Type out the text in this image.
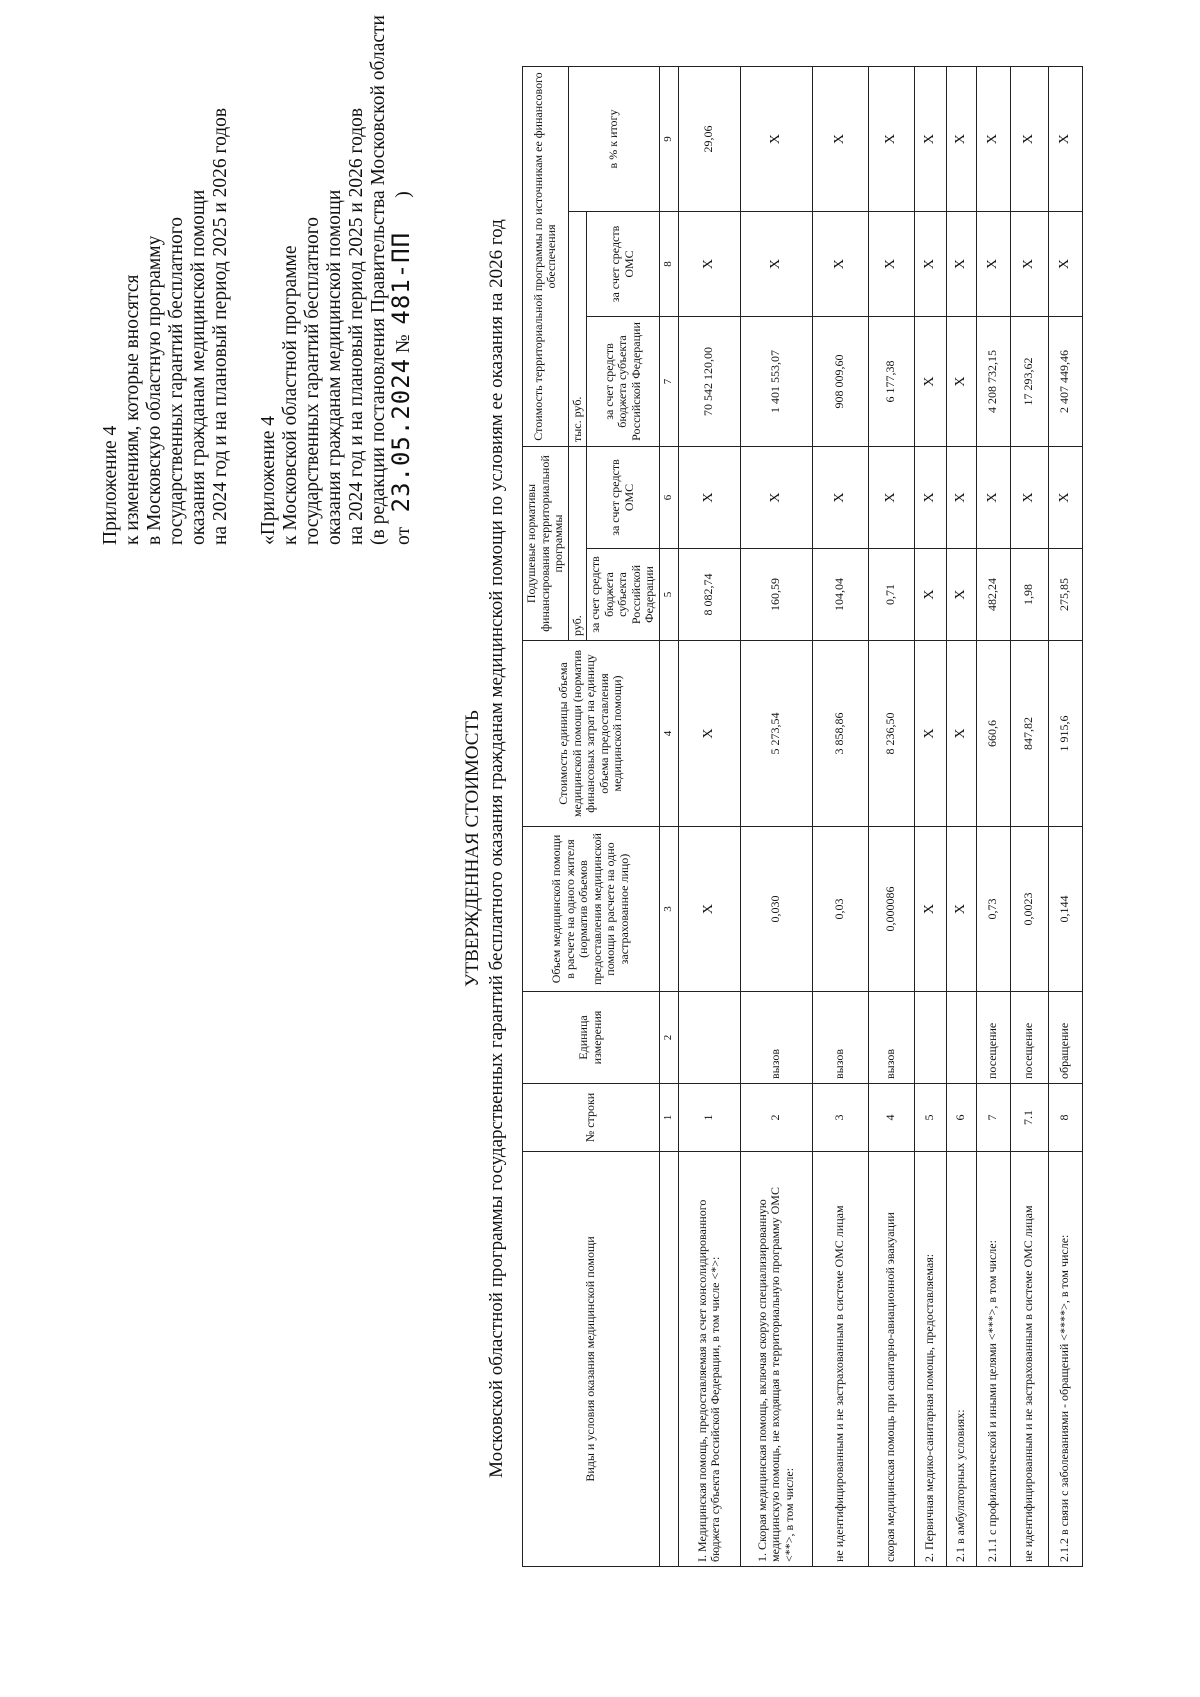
Приложение 4 к изменениям, которые вносятся в Московскую областную программу государственных гарантий бесплатного оказания гражданам медицинской помощи на 2024 год и на плановый период 2025 и 2026 годов «Приложение 4 к Московской областной программе государственных гарантий бесплатного оказания гражданам медицинской помощи на 2024 год и на плановый период 2025 и 2026 годов (в редакции постановления Правительства Московской области от   23.05.2024 №  481-ПП       )
УТВЕРЖДЕННАЯ СТОИМОСТЬ Московской областной программы государственных гарантий бесплатного оказания гражданам медицинской помощи по условиям ее оказания на 2026 год	Виды и условия оказания медицинской помощи	№ строки	Единица измерения	Объем медицинской помощи в расчете на одного жителя (норматив объемов предоставления медицинской помощи в расчете на одно застрахованное лицо)	Стоимость единицы объема медицинской помощи (норматив финансовых затрат на единицу объема предоставления медицинской помощи)	Подушевые нормативы финансирования территориальной программы		Стоимость территориальной программы по источникам ее финансового обеспечения		
					руб.		тыс. руб.		в % к итогу
					за счет средств бюджета субъекта Российской Федерации	за счет средств ОМС	за счет средств бюджета субъекта Российской Федерации	за счет средств ОМС	
	1	2	3	4	5	6	7	8	9
I. Медицинская помощь, предоставляемая за счет консолидированного бюджета субъекта Российской Федерации, в том числе <*>:	1		X	X	8 082,74	X	70 542 120,00	X	29,06
1. Скорая медицинская помощь, включая скорую специализированную медицинскую помощь, не входящая в территориальную программу ОМС <**>, в том числе:	2	вызов	0,030	5 273,54	160,59	X	1 401 553,07	X	X
не идентифицированным и не застрахованным в системе ОМС лицам	3	вызов	0,03	3 858,86	104,04	X	908 009,60	X	X
скорая медицинская помощь при санитарно-авиационной эвакуации	4	вызов	0,000086	8 236,50	0,71	X	6 177,38	X	X
2. Первичная медико-санитарная помощь, предоставляемая:	5		X	X	X	X	X	X	X
2.1 в амбулаторных условиях:	6		X	X	X	X	X	X	X
2.1.1 с профилактической и иными целями <***>, в том числе:	7	посещение	0,73	660,6	482,24	X	4 208 732,15	X	X
не идентифицированным и не застрахованным в системе ОМС лицам	7.1	посещение	0,0023	847,82	1,98	X	17 293,62	X	X
2.1.2 в связи с заболеваниями - обращений <****>, в том числе:	8	обращение	0,144	1 915,6	275,85	X	2 407 449,46	X	X
